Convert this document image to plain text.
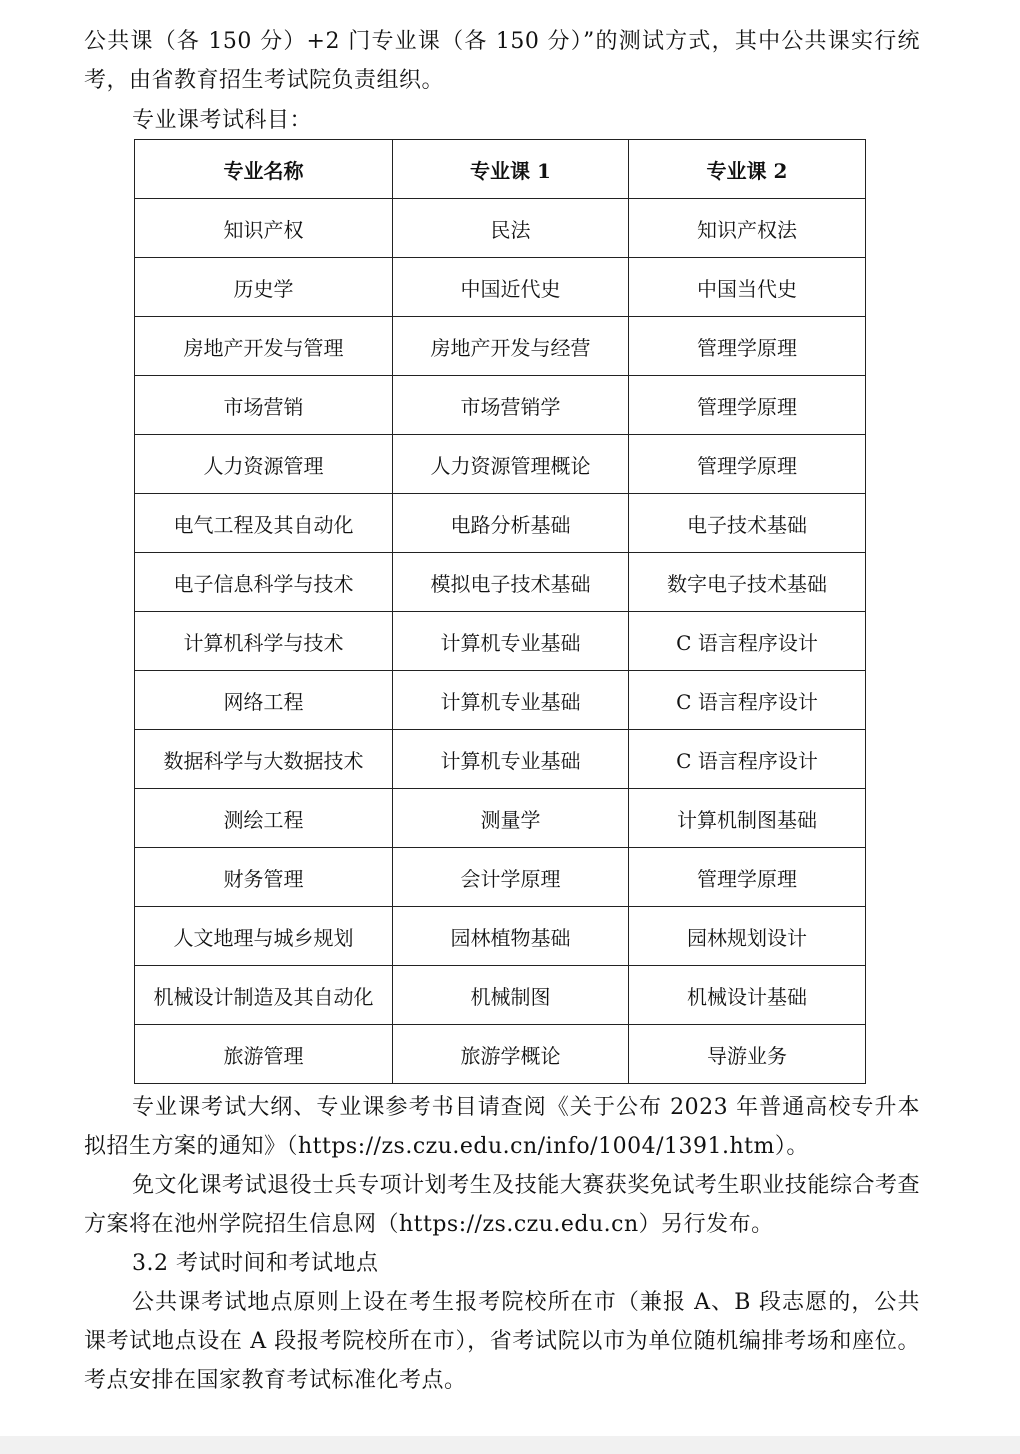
公共课（各 150 分）+2 门专业课（各 150 分）”的测试方式，其中公共课实行统考，由省教育招生考试院负责组织。

专业课考试科目：

专业名称	专业课 1	专业课 2
知识产权	民法	知识产权法
历史学	中国近代史	中国当代史
房地产开发与管理	房地产开发与经营	管理学原理
市场营销	市场营销学	管理学原理
人力资源管理	人力资源管理概论	管理学原理
电气工程及其自动化	电路分析基础	电子技术基础
电子信息科学与技术	模拟电子技术基础	数字电子技术基础
计算机科学与技术	计算机专业基础	C 语言程序设计
网络工程	计算机专业基础	C 语言程序设计
数据科学与大数据技术	计算机专业基础	C 语言程序设计
测绘工程	测量学	计算机制图基础
财务管理	会计学原理	管理学原理
人文地理与城乡规划	园林植物基础	园林规划设计
机械设计制造及其自动化	机械制图	机械设计基础
旅游管理	旅游学概论	导游业务

专业课考试大纲、专业课参考书目请查阅《关于公布 2023 年普通高校专升本拟招生方案的通知》（https://zs.czu.edu.cn/info/1004/1391.htm）。

免文化课考试退役士兵专项计划考生及技能大赛获奖免试考生职业技能综合考查方案将在池州学院招生信息网（https://zs.czu.edu.cn）另行发布。

3.2 考试时间和考试地点

公共课考试地点原则上设在考生报考院校所在市（兼报 A、B 段志愿的，公共课考试地点设在 A 段报考院校所在市），省考试院以市为单位随机编排考场和座位。考点安排在国家教育考试标准化考点。
